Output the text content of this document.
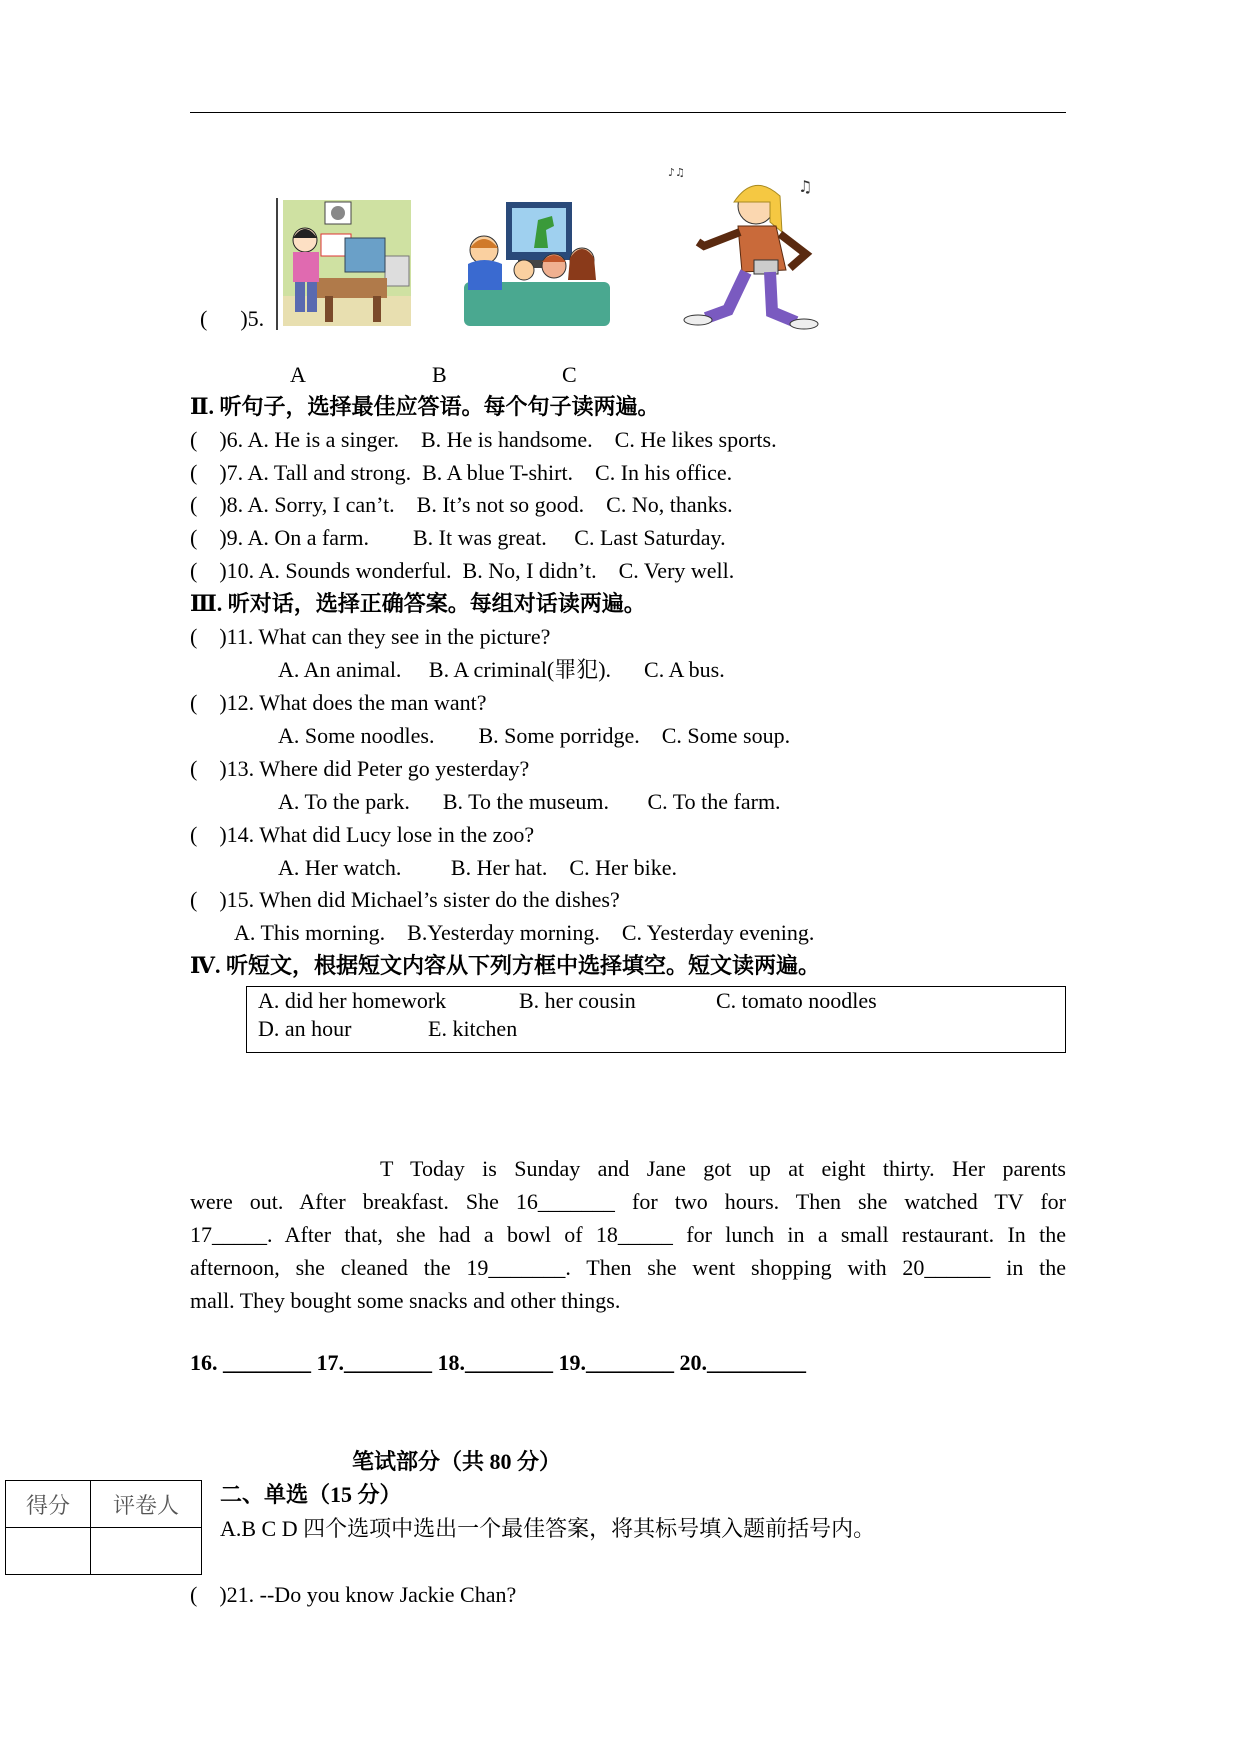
(      )5.
♪♫
♫
A	B	C
Ⅱ. 听句子，选择最佳应答语。每个句子读两遍。
(    )6. A. He is a singer.    B. He is handsome.    C. He likes sports.
(    )7. A. Tall and strong.  B. A blue T-shirt.    C. In his office.
(    )8. A. Sorry, I can’t.    B. It’s not so good.    C. No, thanks.
(    )9. A. On a farm.        B. It was great.     C. Last Saturday.
(    )10. A. Sounds wonderful.  B. No, I didn’t.    C. Very well.
Ⅲ. 听对话，选择正确答案。每组对话读两遍。
(    )11. What can they see in the picture?
A. An animal.     B. A criminal(罪犯).      C. A bus.
(    )12. What does the man want?
A. Some noodles.        B. Some porridge.    C. Some soup.
(    )13. Where did Peter go yesterday?
A. To the park.      B. To the museum.       C. To the farm.
(    )14. What did Lucy lose in the zoo?
A. Her watch.         B. Her hat.    C. Her bike.
(    )15. When did Michael’s sister do the dishes?
A. This morning.    B.Yesterday morning.    C. Yesterday evening.
Ⅳ. 听短文，根据短文内容从下列方框中选择填空。短文读两遍。
A. did her homework	B. her cousin	C. tomato noodles
D. an hour	E. kitchen
T Today is Sunday and Jane got up at eight thirty. Her parents
were out. After breakfast. She 16_______ for two hours. Then she watched TV for
17_____. After that, she had a bowl of 18_____ for lunch in a small restaurant. In the
afternoon, she cleaned the 19_______. Then she went shopping with 20______ in the
mall. They bought some snacks and other things.
16. ________ 17.________ 18.________ 19.________ 20._________
笔试部分（共 80 分）
得分	评卷人
	二、单选（15 分）
A.B C D 四个选项中选出一个最佳答案，将其标号填入题前括号内。
(    )21. --Do you know Jackie Chan?
